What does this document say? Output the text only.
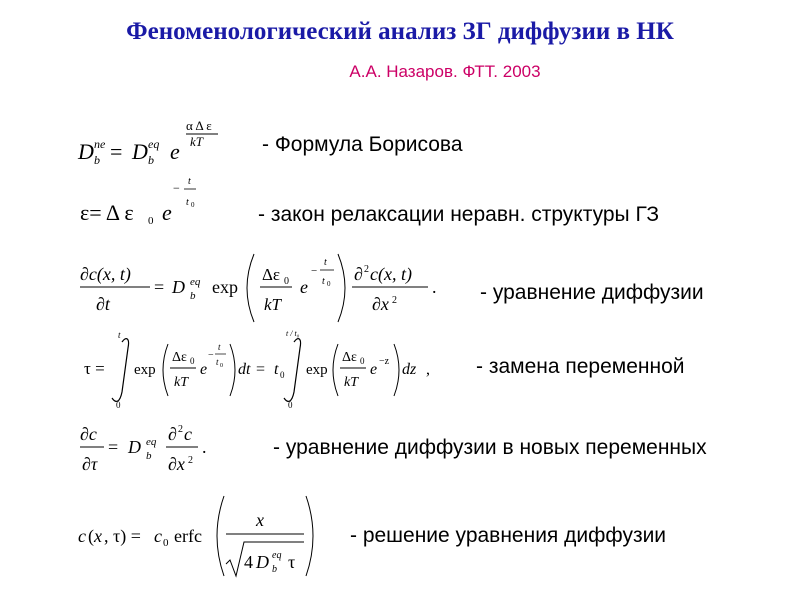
Феноменологический анализ ЗГ диффузии в НК
А.А. Назаров. ФТТ. 2003
D ne
b = D eq
b e
α Δ ε
kT	- Формула Борисова
ε= Δ ε 0 e
− t
t 0	- закон релаксации неравн. структуры ГЗ
∂c(x, t)
∂t
= D eq
b exp
Δε 0
kT
e
−
t
t 0 ∂ 2 c(x, t)
∂x 2
. - уравнение диффузии
τ =
t
0
exp
Δε 0
kT
e
−
t
t 0 dt = t 0
t / t₀
0
exp
Δε 0
kT
e −z dz , - замена переменной
∂c
∂τ
= D eq
b
∂ 2 c
∂x 2
.	- уравнение диффузии в новых переменных
c ( x , τ) = c 0 erfc
x
4 D eq
b τ
- решение уравнения диффузии
